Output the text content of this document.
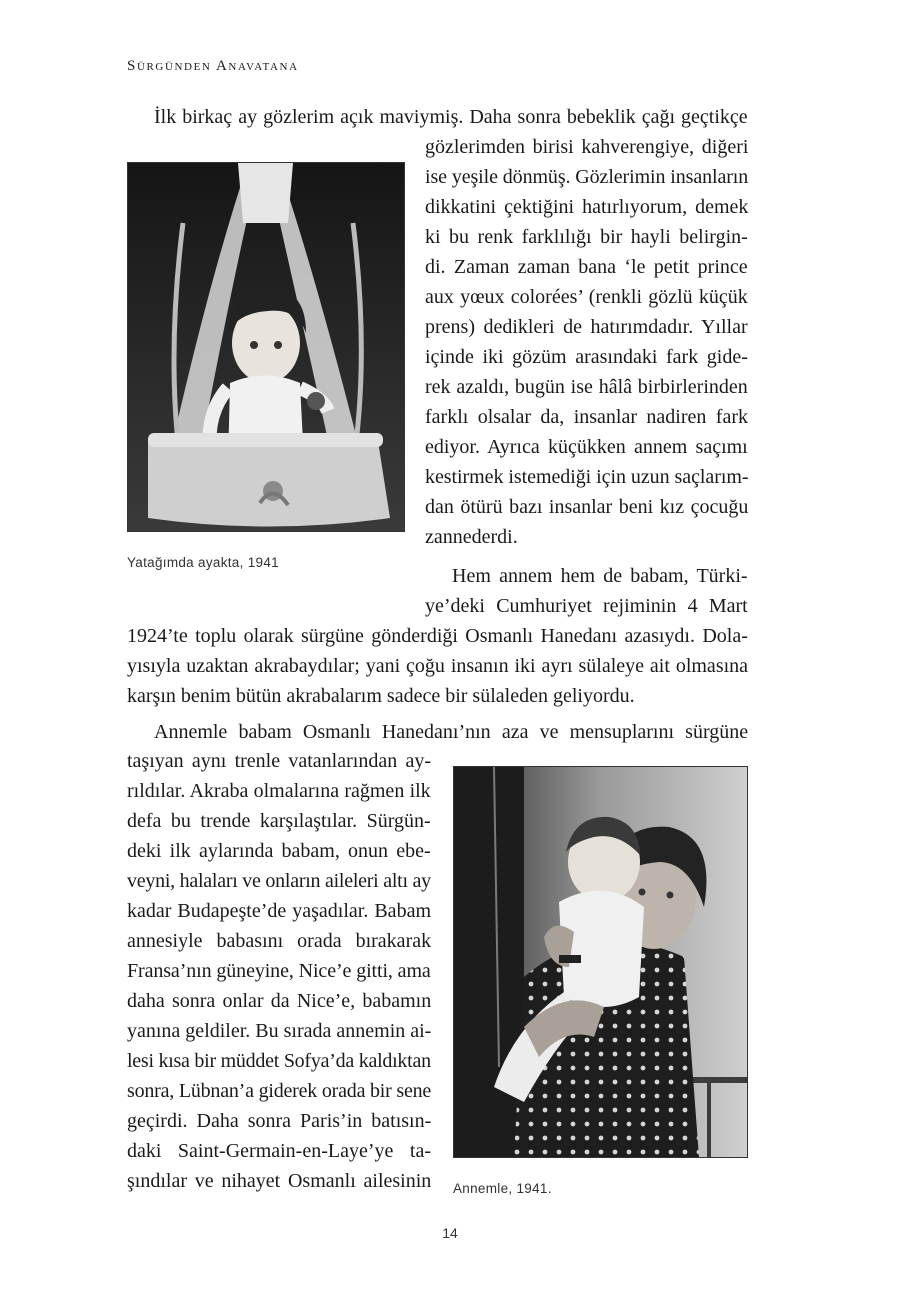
Sürgünden Anavatana
İlk birkaç ay gözlerim açık maviymiş. Daha sonra bebeklik çağı geçtikçe
gözlerimden birisi kahverengiye, diğeri
ise yeşile dönmüş. Gözlerimin insanların
dikkatini çektiğini hatırlıyorum, demek
ki bu renk farklılığı bir hayli belirgin-
di. Zaman zaman bana ‘le petit prince
aux yœux colorées’ (renkli gözlü küçük
prens) dedikleri de hatırımdadır. Yıllar
içinde iki gözüm arasındaki fark gide-
rek azaldı, bugün ise hâlâ birbirlerinden
farklı olsalar da, insanlar nadiren fark
ediyor. Ayrıca küçükken annem saçımı
kestirmek istemediği için uzun saçlarım-
dan ötürü bazı insanlar beni kız çocuğu
zannederdi.
Hem annem hem de babam, Türki-
ye’deki Cumhuriyet rejiminin 4 Mart
1924’te toplu olarak sürgüne gönderdiği Osmanlı Hanedanı azasıydı. Dola-
yısıyla uzaktan akrabaydılar; yani çoğu insanın iki ayrı sülaleye ait olmasına
karşın benim bütün akrabalarım sadece bir sülaleden geliyordu.
Annemle babam Osmanlı Hanedanı’nın aza ve mensuplarını sürgüne
taşıyan aynı trenle vatanlarından ay-
rıldılar. Akraba olmalarına rağmen ilk
defa bu trende karşılaştılar. Sürgün-
deki ilk aylarında babam, onun ebe-
veyni, halaları ve onların aileleri altı ay
kadar Budapeşte’de yaşadılar. Babam
annesiyle babasını orada bırakarak
Fransa’nın güneyine, Nice’e gitti, ama
daha sonra onlar da Nice’e, babamın
yanına geldiler. Bu sırada annemin ai-
lesi kısa bir müddet Sofya’da kaldıktan
sonra, Lübnan’a giderek orada bir sene
geçirdi. Daha sonra Paris’in batısın-
daki Saint-Germain-en-Laye’ye ta-
şındılar ve nihayet Osmanlı ailesinin
Yatağımda ayakta, 1941
Annemle, 1941.
14
